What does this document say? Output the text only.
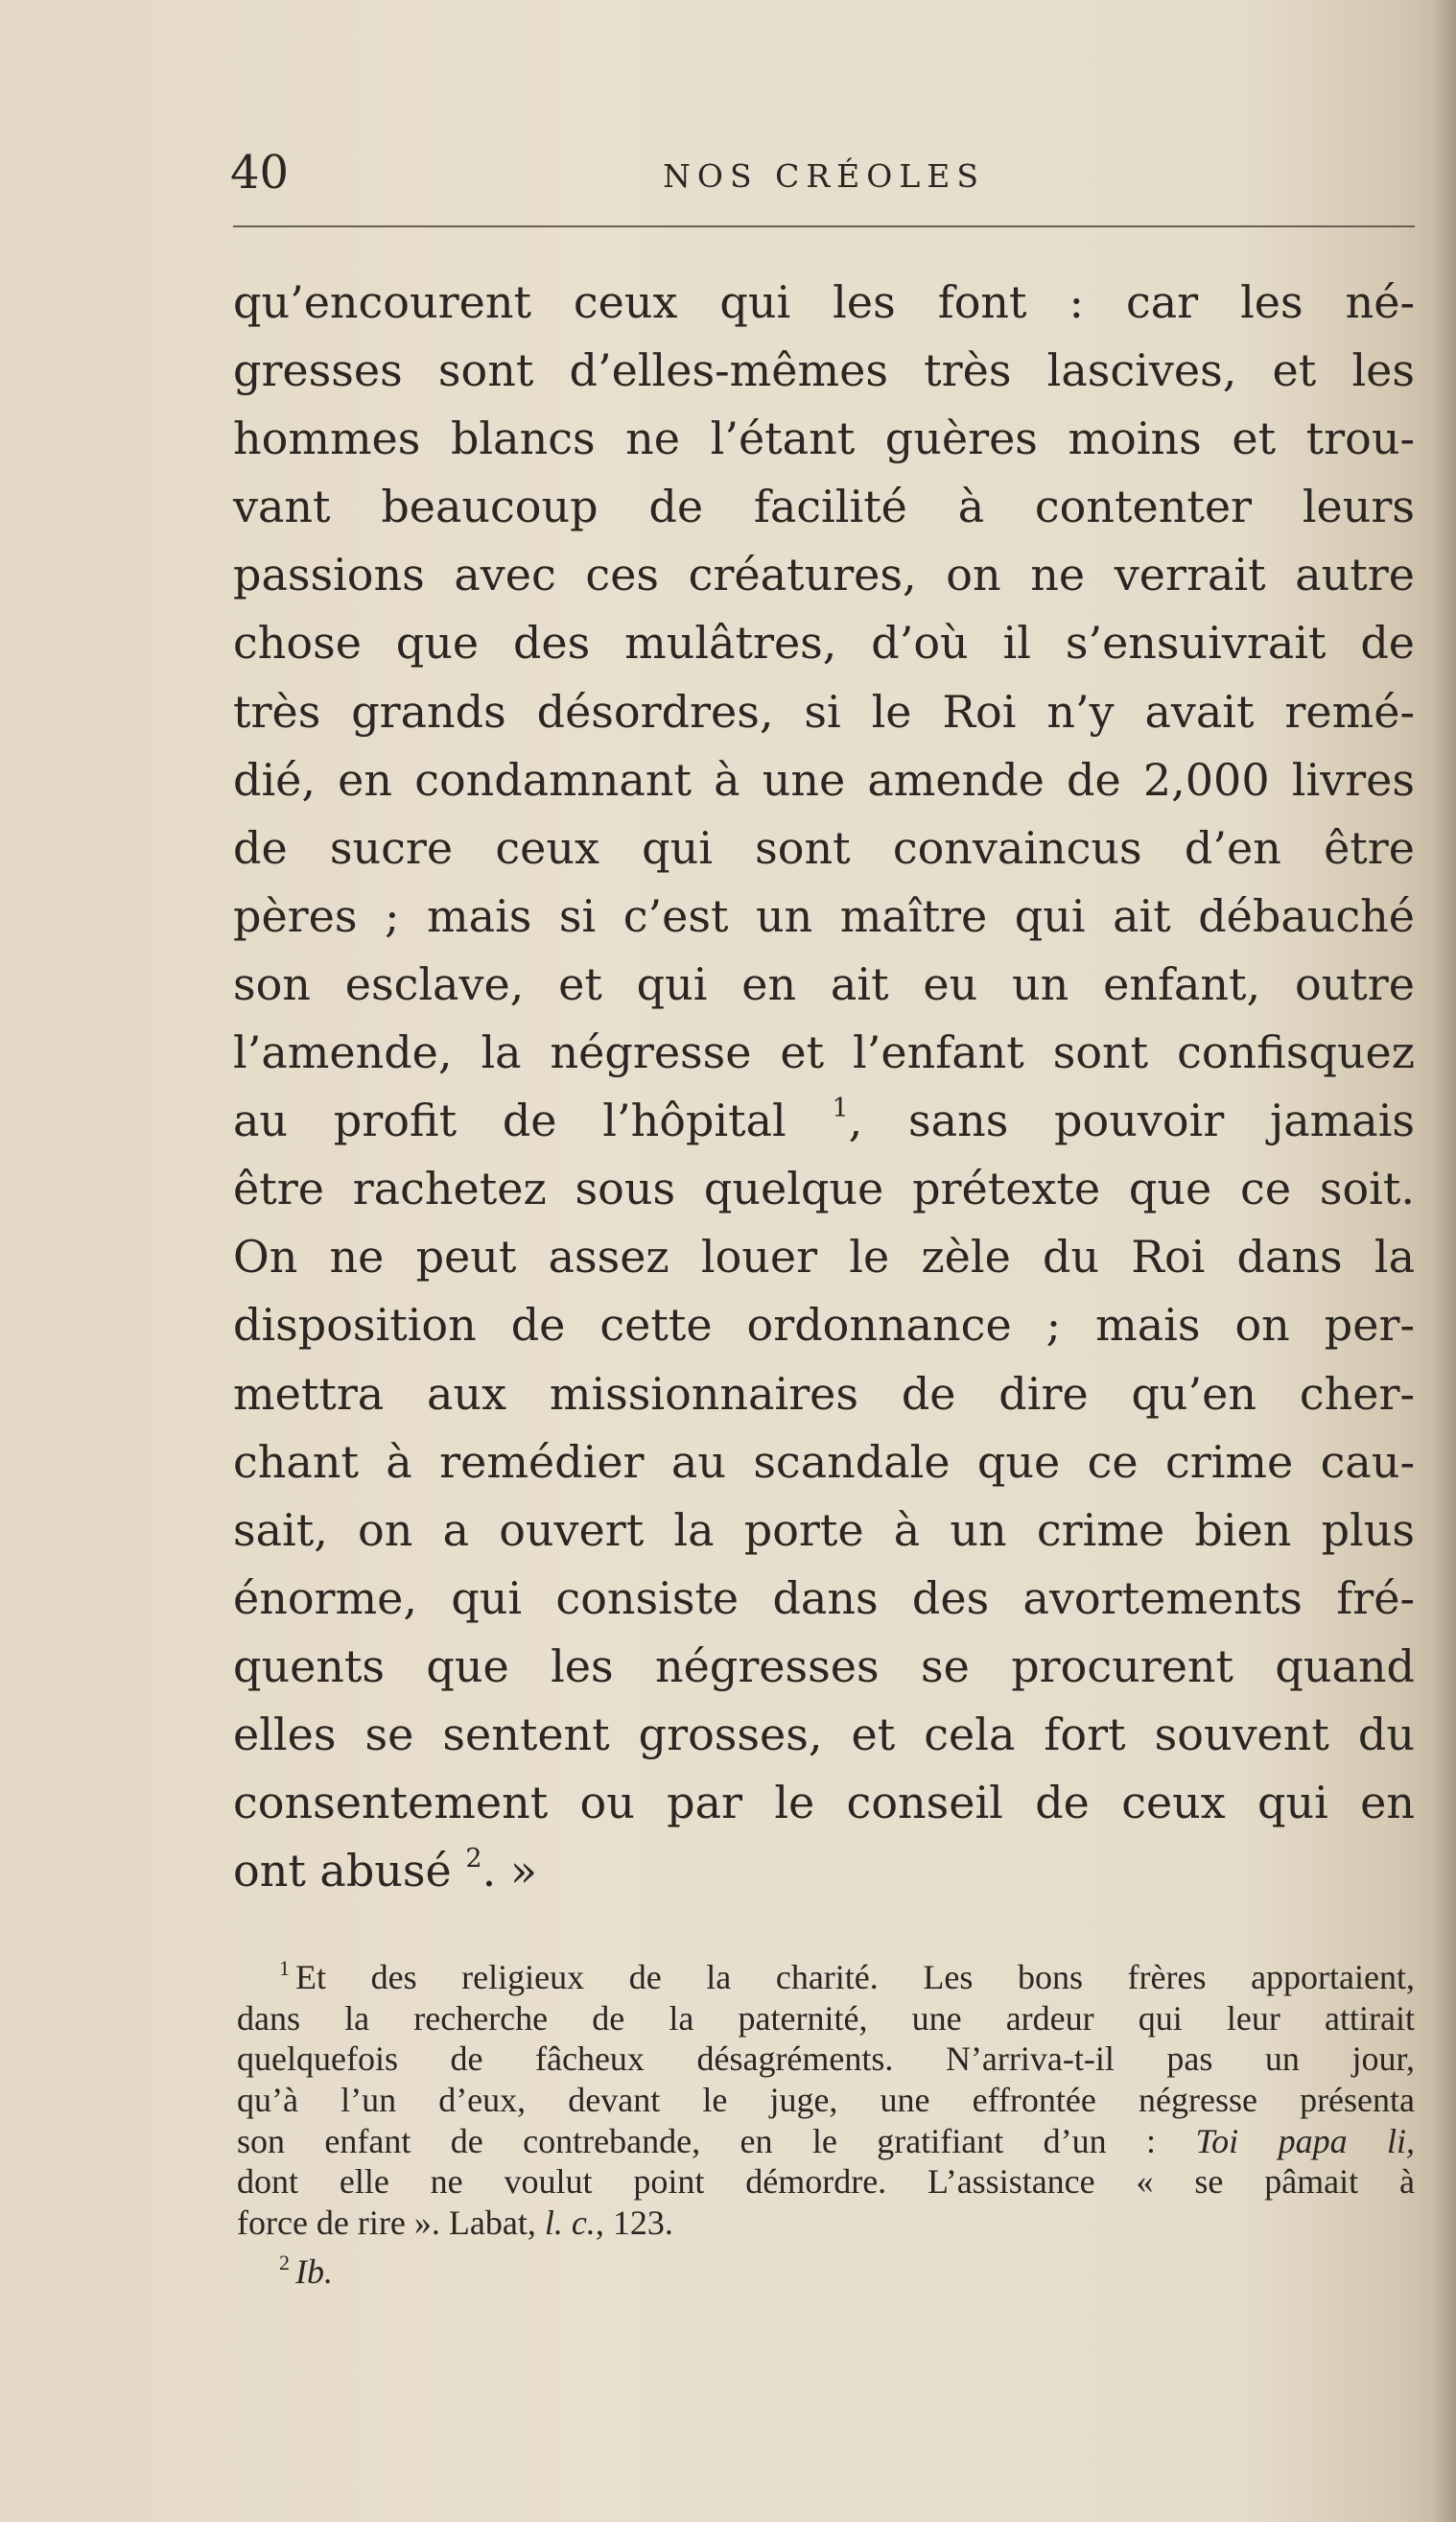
40	NOS CRÉOLES
qu’encourent ceux qui les font : car les né-
gresses sont d’elles-mêmes très lascives, et les
hommes blancs ne l’étant guères moins et trou-
vant beaucoup de facilité à contenter leurs
passions avec ces créatures, on ne verrait autre
chose que des mulâtres, d’où il s’ensuivrait de
très grands désordres, si le Roi n’y avait remé-
dié, en condamnant à une amende de 2,000 livres
de sucre ceux qui sont convaincus d’en être
pères ; mais si c’est un maître qui ait débauché
son esclave, et qui en ait eu un enfant, outre
l’amende, la négresse et l’enfant sont confisquez
au profit de l’hôpital $^1$, sans pouvoir jamais
être rachetez sous quelque prétexte que ce soit.
On ne peut assez louer le zèle du Roi dans la
disposition de cette ordonnance ; mais on per-
mettra aux missionnaires de dire qu’en cher-
chant à remédier au scandale que ce crime cau-
sait, on a ouvert la porte à un crime bien plus
énorme, qui consiste dans des avortements fré-
quents que les négresses se procurent quand
elles se sentent grosses, et cela fort souvent du
consentement ou par le conseil de ceux qui en
ont abusé $^2$. »
$^1$ Et des religieux de la charité. Les bons frères apportaient,
dans la recherche de la paternité, une ardeur qui leur attirait
quelquefois de fâcheux désagréments. N’arriva-t-il pas un jour,
qu’à l’un d’eux, devant le juge, une effrontée négresse présenta
son enfant de contrebande, en le gratifiant d’un : Toi papa li,
dont elle ne voulut point démordre. L’assistance « se pâmait à
force de rire ». Labat, l. c., 123.
$^2$ Ib.
